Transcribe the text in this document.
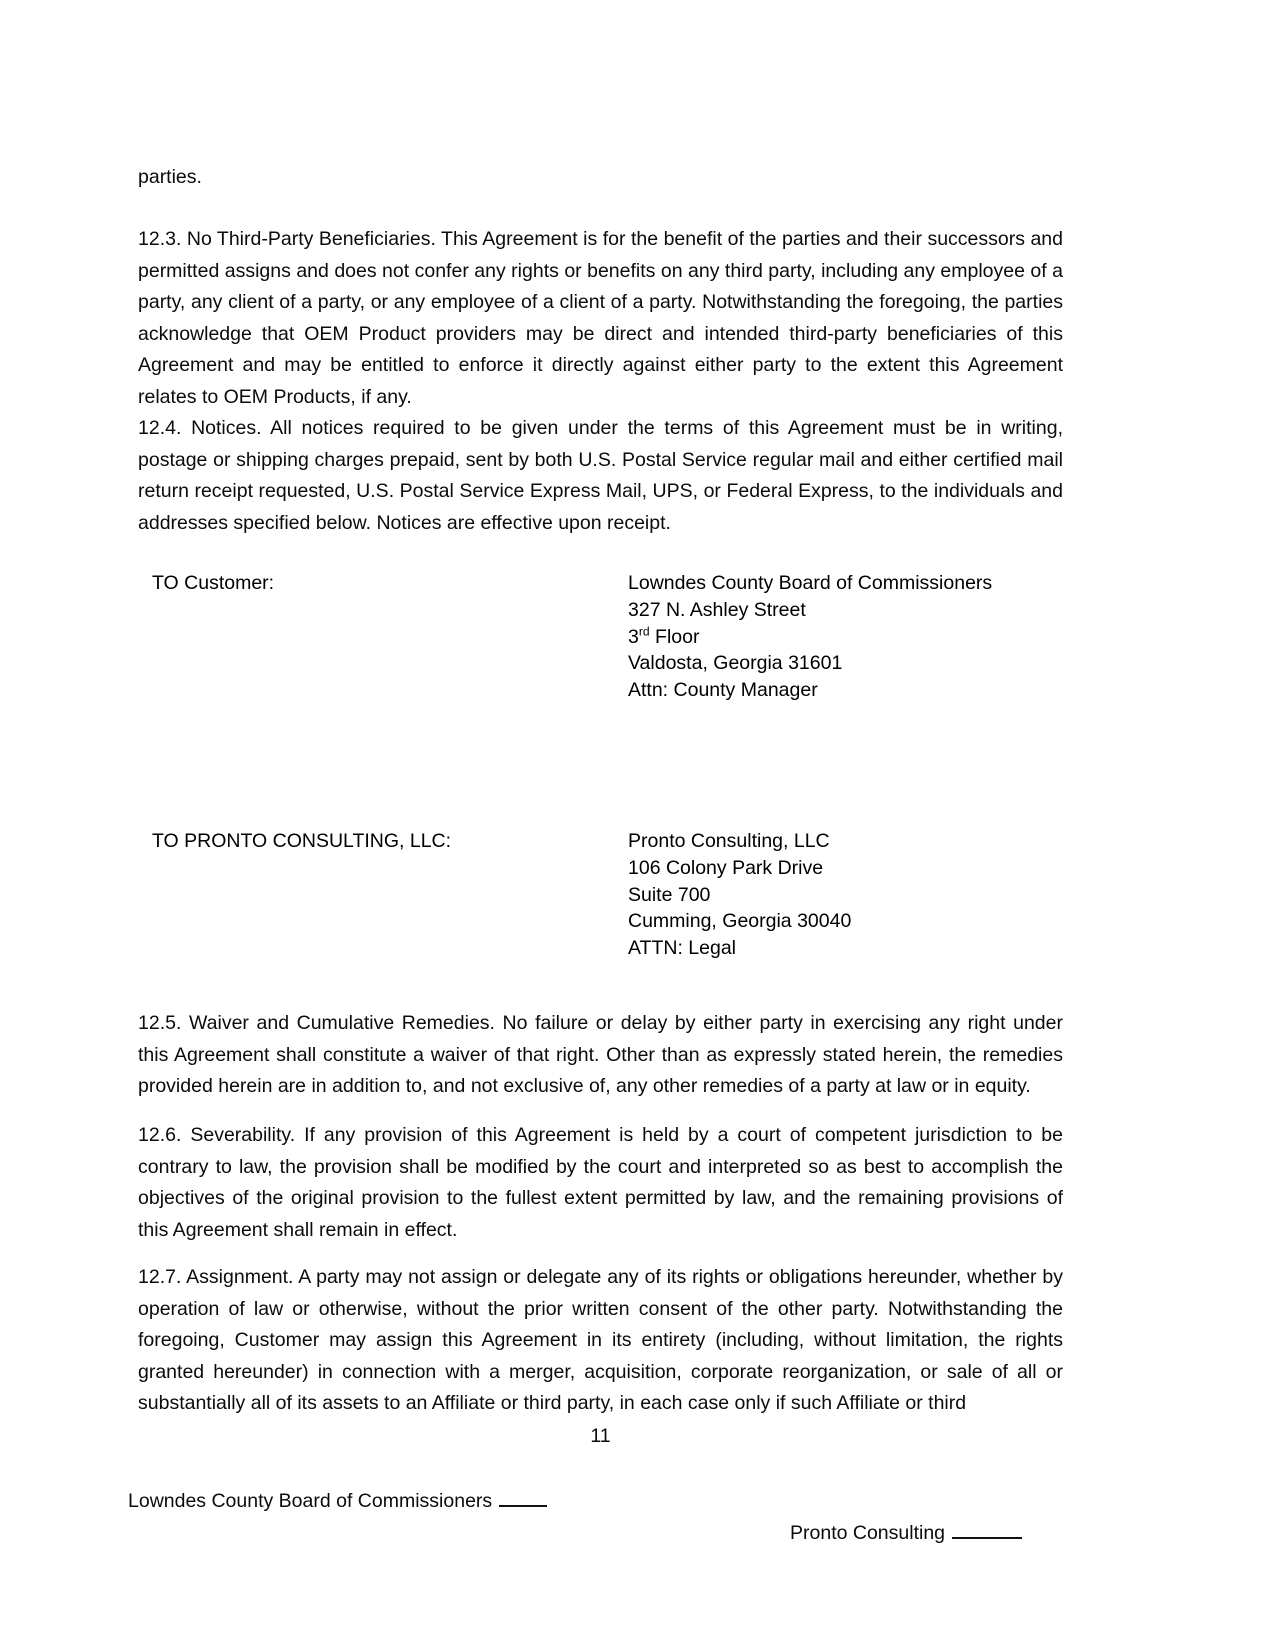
parties.

12.3. No Third-Party Beneficiaries. This Agreement is for the benefit of the parties and their successors and permitted assigns and does not confer any rights or benefits on any third party, including any employee of a party, any client of a party, or any employee of a client of a party. Notwithstanding the foregoing, the parties acknowledge that OEM Product providers may be direct and intended third-party beneficiaries of this Agreement and may be entitled to enforce it directly against either party to the extent this Agreement relates to OEM Products, if any.

12.4. Notices. All notices required to be given under the terms of this Agreement must be in writing, postage or shipping charges prepaid, sent by both U.S. Postal Service regular mail and either certified mail return receipt requested, U.S. Postal Service Express Mail, UPS, or Federal Express, to the individuals and addresses specified below. Notices are effective upon receipt.

TO Customer:	Lowndes County Board of Commissioners
327 N. Ashley Street
3rd Floor
Valdosta, Georgia 31601
Attn: County Manager
TO PRONTO CONSULTING, LLC:	Pronto Consulting, LLC
106 Colony Park Drive
Suite 700
Cumming, Georgia 30040
ATTN: Legal

12.5. Waiver and Cumulative Remedies. No failure or delay by either party in exercising any right under this Agreement shall constitute a waiver of that right. Other than as expressly stated herein, the remedies provided herein are in addition to, and not exclusive of, any other remedies of a party at law or in equity.

12.6. Severability. If any provision of this Agreement is held by a court of competent jurisdiction to be contrary to law, the provision shall be modified by the court and interpreted so as best to accomplish the objectives of the original provision to the fullest extent permitted by law, and the remaining provisions of this Agreement shall remain in effect.

12.7. Assignment. A party may not assign or delegate any of its rights or obligations hereunder, whether by operation of law or otherwise, without the prior written consent of the other party. Notwithstanding the foregoing, Customer may assign this Agreement in its entirety (including, without limitation, the rights granted hereunder) in connection with a merger, acquisition, corporate reorganization, or sale of all or substantially all of its assets to an Affiliate or third party, in each case only if such Affiliate or third

11
Lowndes County Board of Commissioners
Pronto Consulting
